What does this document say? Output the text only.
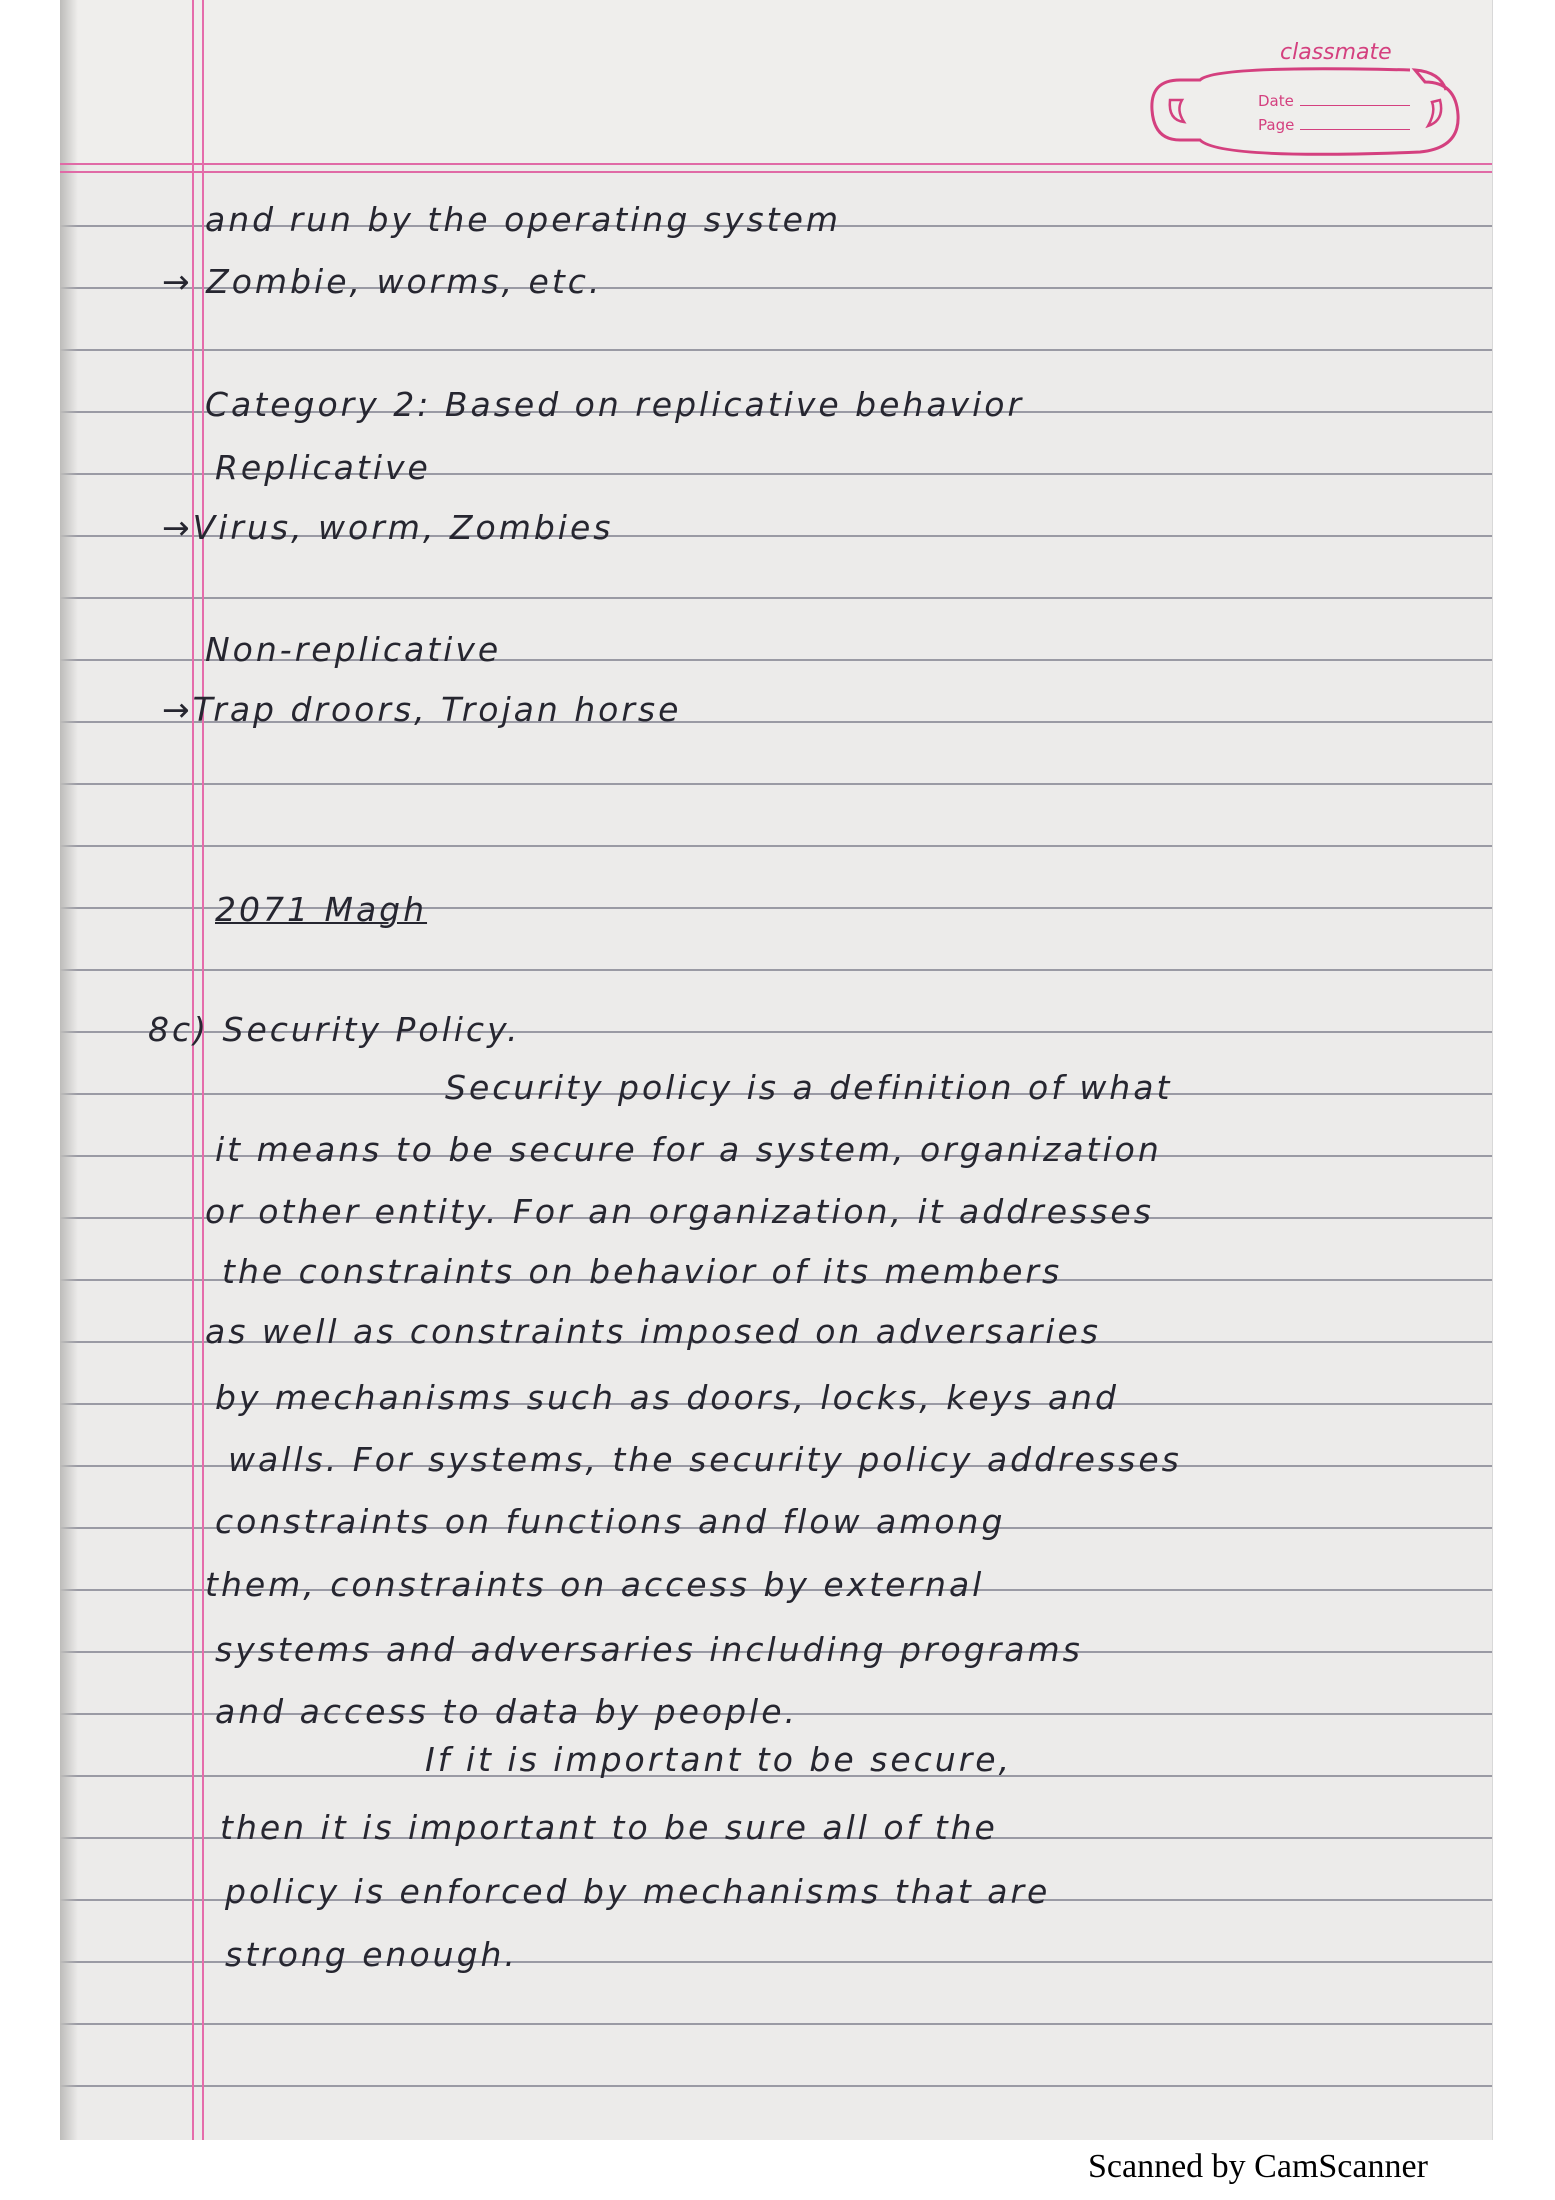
classmate
Date
Page
and run by the operating system
→ Zombie, worms, etc.
Category 2: Based on replicative behavior
Replicative
→Virus, worm, Zombies
Non-replicative
→Trap droors, Trojan horse
2071 Magh
8c) Security Policy.
Security policy is a definition of what
it means to be secure for a system, organization
or other entity. For an organization, it addresses
the constraints on behavior of its members
as well as constraints imposed on adversaries
by mechanisms such as doors, locks, keys and
walls. For systems, the security policy addresses
constraints on functions and flow among
them, constraints on access by external
systems and adversaries including programs
and access to data by people.
If it is important to be secure,
then it is important to be sure all of the
policy is enforced by mechanisms that are
strong enough.
Scanned by CamScanner
